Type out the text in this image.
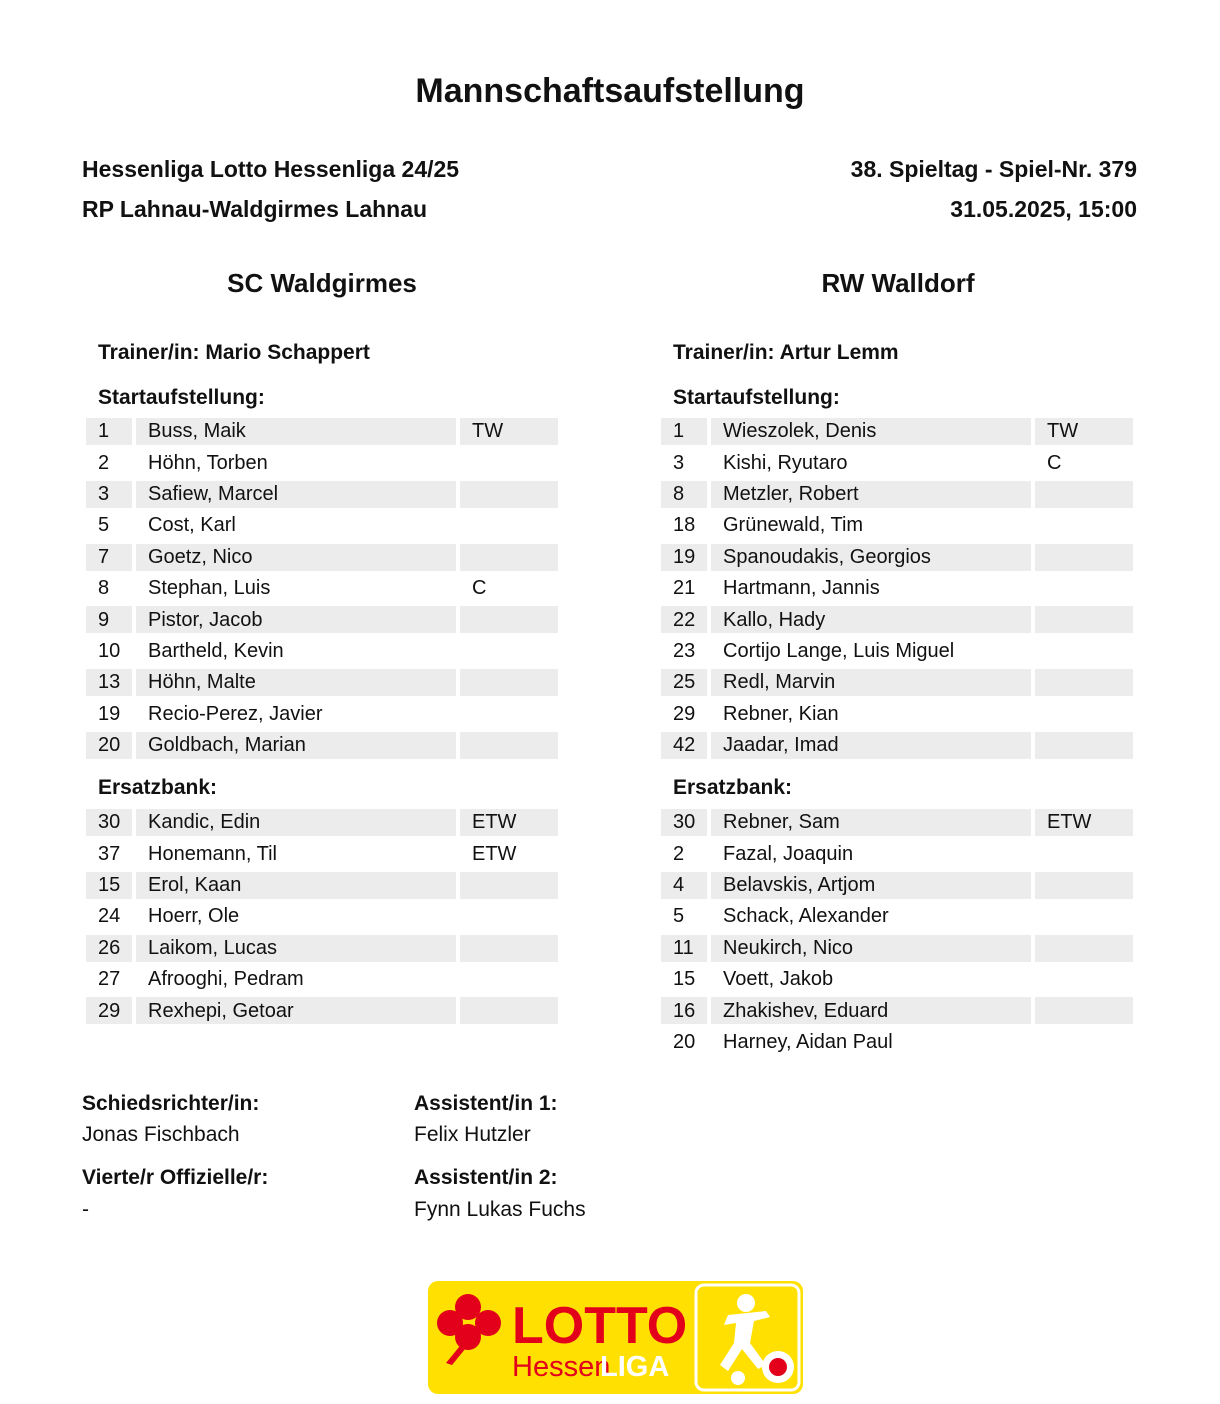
Mannschaftsaufstellung
Hessenliga Lotto Hessenliga 24/25
RP Lahnau-Waldgirmes Lahnau
38. Spieltag - Spiel-Nr. 379
31.05.2025, 15:00
SC Waldgirmes	RW Walldorf
Trainer/in: Mario Schappert	Trainer/in: Artur Lemm
Startaufstellung:	Startaufstellung:
1	Buss, Maik	TW
2	Höhn, Torben
3	Safiew, Marcel
5	Cost, Karl
7	Goetz, Nico
8	Stephan, Luis	C
9	Pistor, Jacob
10	Bartheld, Kevin
13	Höhn, Malte
19	Recio-Perez, Javier
20	Goldbach, Marian
1	Wieszolek, Denis	TW
3	Kishi, Ryutaro	C
8	Metzler, Robert
18	Grünewald, Tim
19	Spanoudakis, Georgios
21	Hartmann, Jannis
22	Kallo, Hady
23	Cortijo Lange, Luis Miguel
25	Redl, Marvin
29	Rebner, Kian
42	Jaadar, Imad
Ersatzbank:	Ersatzbank:
30	Kandic, Edin	ETW
37	Honemann, Til	ETW
15	Erol, Kaan
24	Hoerr, Ole
26	Laikom, Lucas
27	Afrooghi, Pedram
29	Rexhepi, Getoar
30	Rebner, Sam	ETW
2	Fazal, Joaquin
4	Belavskis, Artjom
5	Schack, Alexander
11	Neukirch, Nico
15	Voett, Jakob
16	Zhakishev, Eduard
20	Harney, Aidan Paul
Schiedsrichter/in:
Jonas Fischbach
Vierte/r Offizielle/r:
-
Assistent/in 1:
Felix Hutzler
Assistent/in 2:
Fynn Lukas Fuchs
LOTTO
Hessen
LIGA
